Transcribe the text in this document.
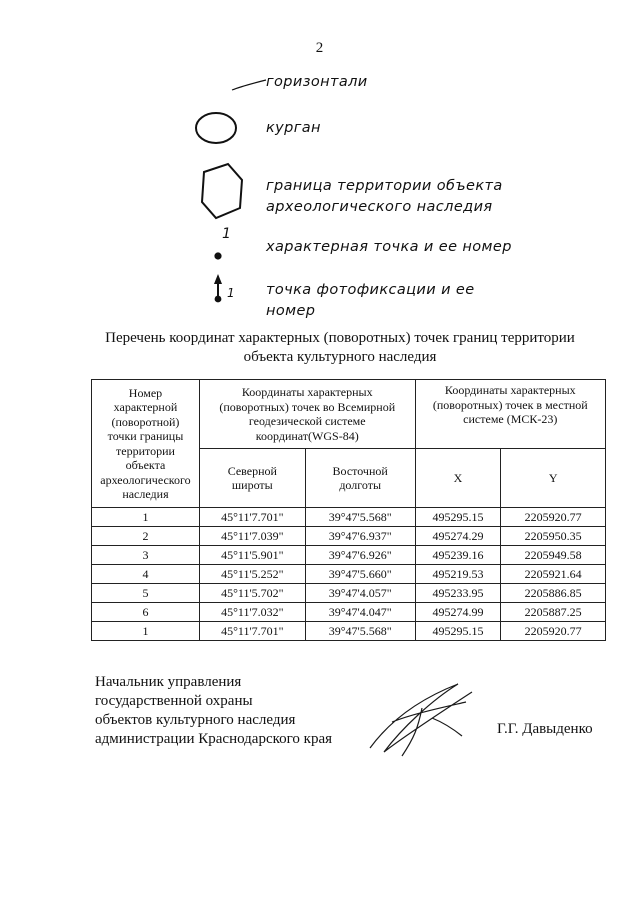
2
горизонтали
курган
граница территории объекта археологического наследия
1
характерная точка и ее номер
1 точка фотофиксации и ее номер
Перечень координат характерных (поворотных) точек границ территории
объекта культурного наследия
Номер характерной (поворотной) точки границы территории объекта археологического наследия	Координаты характерных (поворотных) точек во Всемирной геодезической системе координат(WGS-84)		Координаты характерных (поворотных) точек в местной системе (МСК-23)	
	Северной широты	Восточной долготы	X	Y
1	45°11'7.701"	39°47'5.568"	495295.15	2205920.77
2	45°11'7.039"	39°47'6.937"	495274.29	2205950.35
3	45°11'5.901"	39°47'6.926"	495239.16	2205949.58
4	45°11'5.252"	39°47'5.660"	495219.53	2205921.64
5	45°11'5.702"	39°47'4.057"	495233.95	2205886.85
6	45°11'7.032"	39°47'4.047"	495274.99	2205887.25
1	45°11'7.701"	39°47'5.568"	495295.15	2205920.77
Начальник управления
государственной охраны
объектов культурного наследия
администрации Краснодарского края
Г.Г. Давыденко
